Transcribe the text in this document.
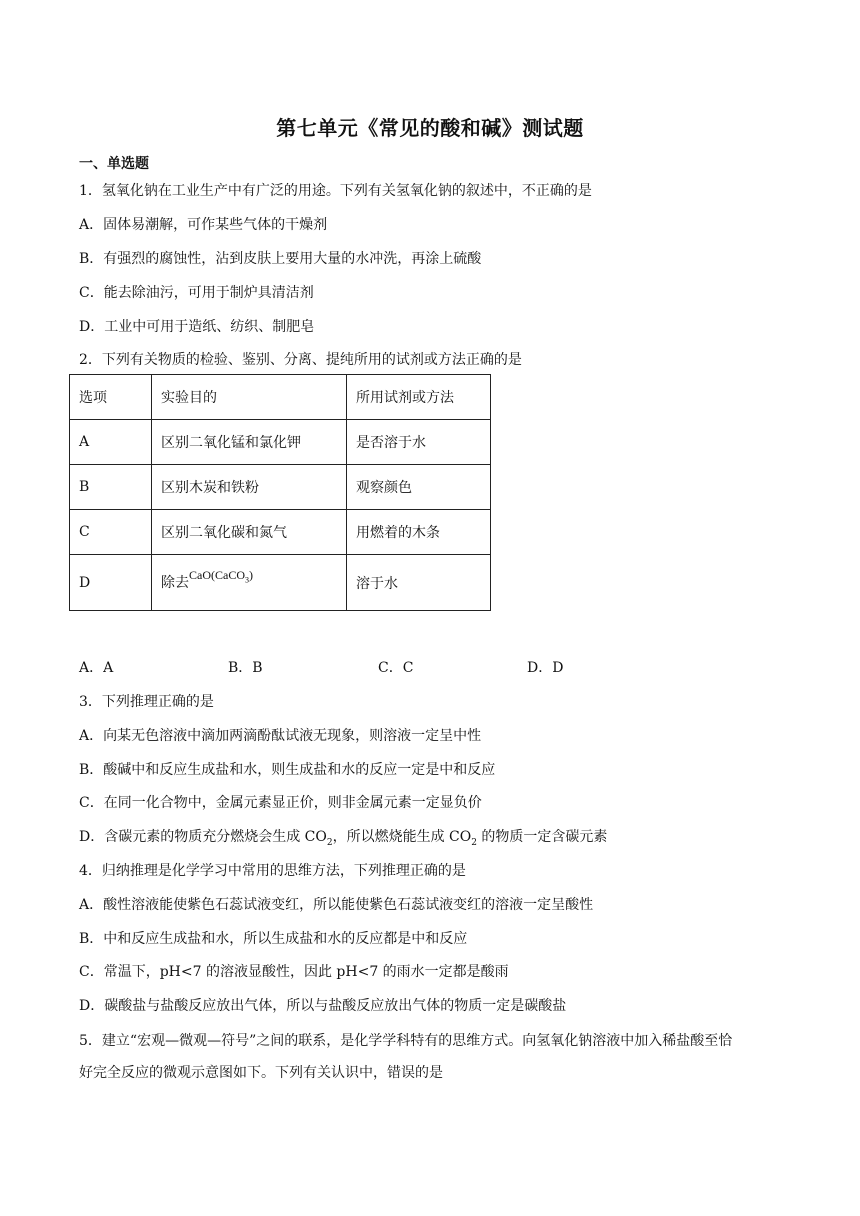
第七单元《常见的酸和碱》测试题
一、单选题
1．氢氧化钠在工业生产中有广泛的用途。下列有关氢氧化钠的叙述中，不正确的是
A．固体易潮解，可作某些气体的干燥剂
B．有强烈的腐蚀性，沾到皮肤上要用大量的水冲洗，再涂上硫酸
C．能去除油污，可用于制炉具清洁剂
D．工业中可用于造纸、纺织、制肥皂
2．下列有关物质的检验、鉴别、分离、提纯所用的试剂或方法正确的是
选项	实验目的	所用试剂或方法
A	区别二氧化锰和氯化钾	是否溶于水
B	区别木炭和铁粉	观察颜色
C	区别二氧化碳和氮气	用燃着的木条
D	除去CaO(CaCO$_3$)	溶于水
A．A	B．B	C．C	D．D
3．下列推理正确的是
A．向某无色溶液中滴加两滴酚酞试液无现象，则溶液一定呈中性
B．酸碱中和反应生成盐和水，则生成盐和水的反应一定是中和反应
C．在同一化合物中，金属元素显正价，则非金属元素一定显负价
D．含碳元素的物质充分燃烧会生成 $CO_2$，所以燃烧能生成 $CO_2$ 的物质一定含碳元素
4．归纳推理是化学学习中常用的思维方法，下列推理正确的是
A．酸性溶液能使紫色石蕊试液变红，所以能使紫色石蕊试液变红的溶液一定呈酸性
B．中和反应生成盐和水，所以生成盐和水的反应都是中和反应
C．常温下，pH<7 的溶液显酸性，因此 pH<7 的雨水一定都是酸雨
D．碳酸盐与盐酸反应放出气体，所以与盐酸反应放出气体的物质一定是碳酸盐
5．建立“宏观—微观—符号”之间的联系，是化学学科特有的思维方式。向氢氧化钠溶液中加入稀盐酸至恰
好完全反应的微观示意图如下。下列有关认识中，错误的是
